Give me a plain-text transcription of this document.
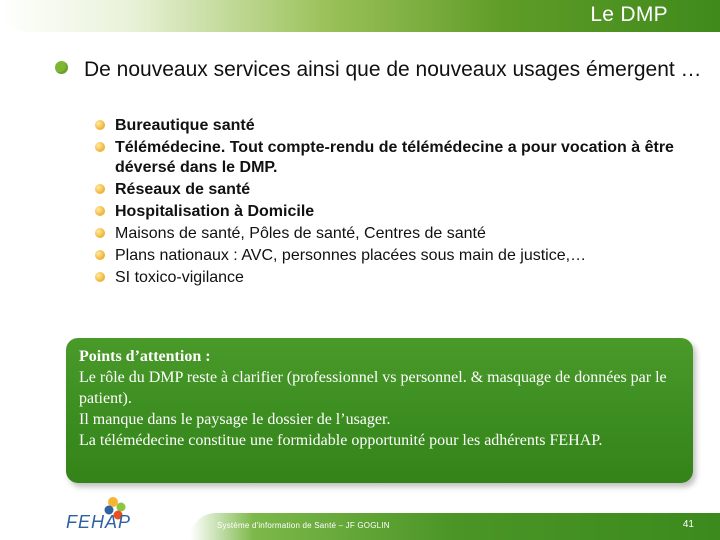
Le DMP
De nouveaux services ainsi que de nouveaux usages émergent …
Bureautique santé
Télémédecine. Tout compte-rendu de télémédecine a pour vocation à être déversé dans le DMP.
Réseaux de santé
Hospitalisation à Domicile
Maisons de santé, Pôles de santé, Centres de santé
Plans nationaux : AVC, personnes placées sous main de justice,…
SI toxico-vigilance
Points d’attention :
Le rôle du DMP reste à clarifier (professionnel vs personnel. & masquage de données par le patient).
Il manque dans le paysage le dossier de l’usager.
La télémédecine constitue une formidable opportunité pour les adhérents FEHAP.
Système d'information de Santé – JF GOGLIN	41
FEHAP
